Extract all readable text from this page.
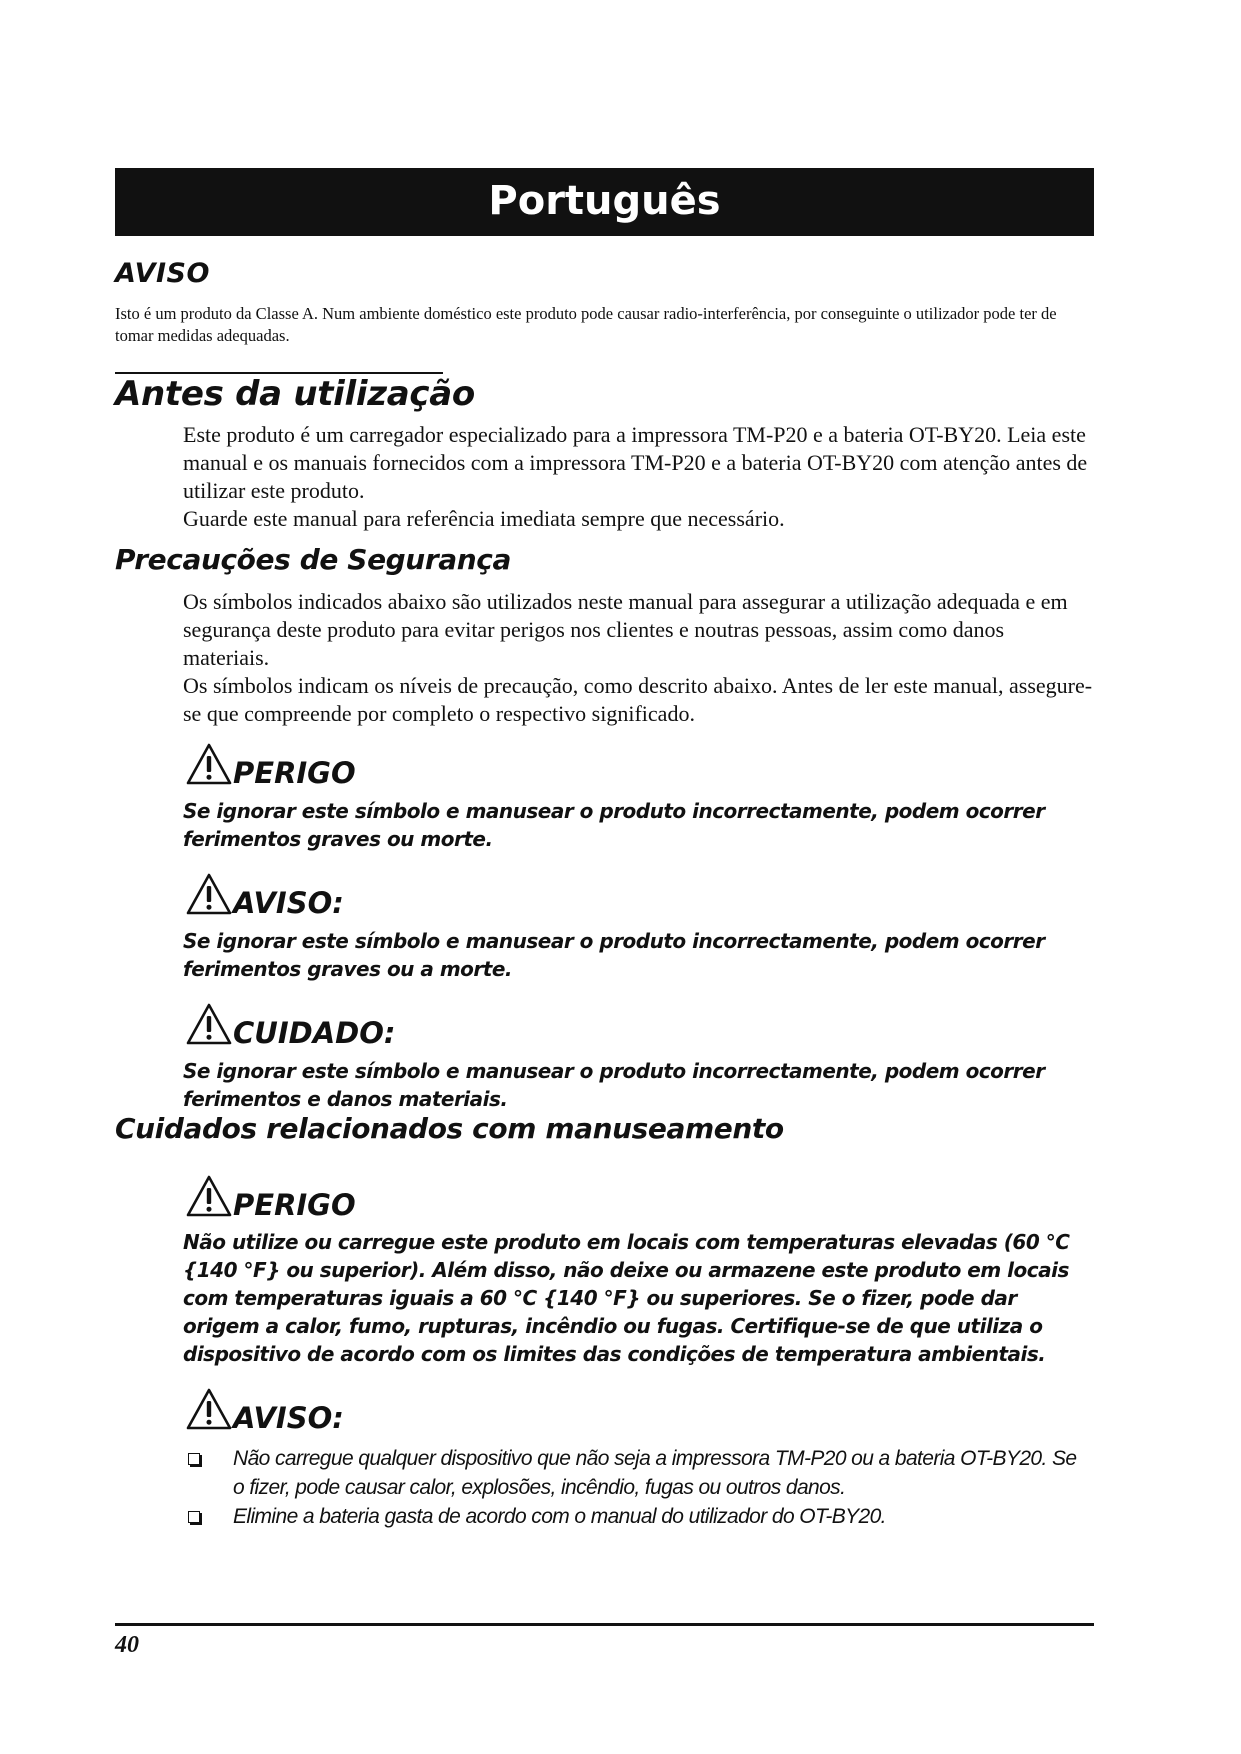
Português
AVISO
Isto é um produto da Classe A. Num ambiente doméstico este produto pode causar radio-interferência, por conseguinte o utilizador pode ter de tomar medidas adequadas.
Antes da utilização

Este produto é um carregador especializado para a impressora TM-P20 e a bateria OT-BY20. Leia este manual e os manuais fornecidos com a impressora TM-P20 e a bateria OT-BY20 com atenção antes de utilizar este produto.

Guarde este manual para referência imediata sempre que necessário.

Precauções de Segurança

Os símbolos indicados abaixo são utilizados neste manual para assegurar a utilização adequada e em segurança deste produto para evitar perigos nos clientes e noutras pessoas, assim como danos materiais.

Os símbolos indicam os níveis de precaução, como descrito abaixo. Antes de ler este manual, assegure-se que compreende por completo o respectivo significado.

PERIGO
Se ignorar este símbolo e manusear o produto incorrectamente, podem ocorrer ferimentos graves ou morte.
AVISO:
Se ignorar este símbolo e manusear o produto incorrectamente, podem ocorrer ferimentos graves ou a morte.
CUIDADO:
Se ignorar este símbolo e manusear o produto incorrectamente, podem ocorrer ferimentos e danos materiais.
Cuidados relacionados com manuseamento
PERIGO
Não utilize ou carregue este produto em locais com temperaturas elevadas (60 °C {140 °F} ou superior). Além disso, não deixe ou armazene este produto em locais com temperaturas iguais a 60 °C {140 °F} ou superiores. Se o fizer, pode dar origem a calor, fumo, rupturas, incêndio ou fugas. Certifique-se de que utiliza o dispositivo de acordo com os limites das condições de temperatura ambientais.
AVISO:
Não carregue qualquer dispositivo que não seja a impressora TM-P20 ou a bateria OT-BY20. Se o fizer, pode causar calor, explosões, incêndio, fugas ou outros danos.
Elimine a bateria gasta de acordo com o manual do utilizador do OT-BY20.
40
